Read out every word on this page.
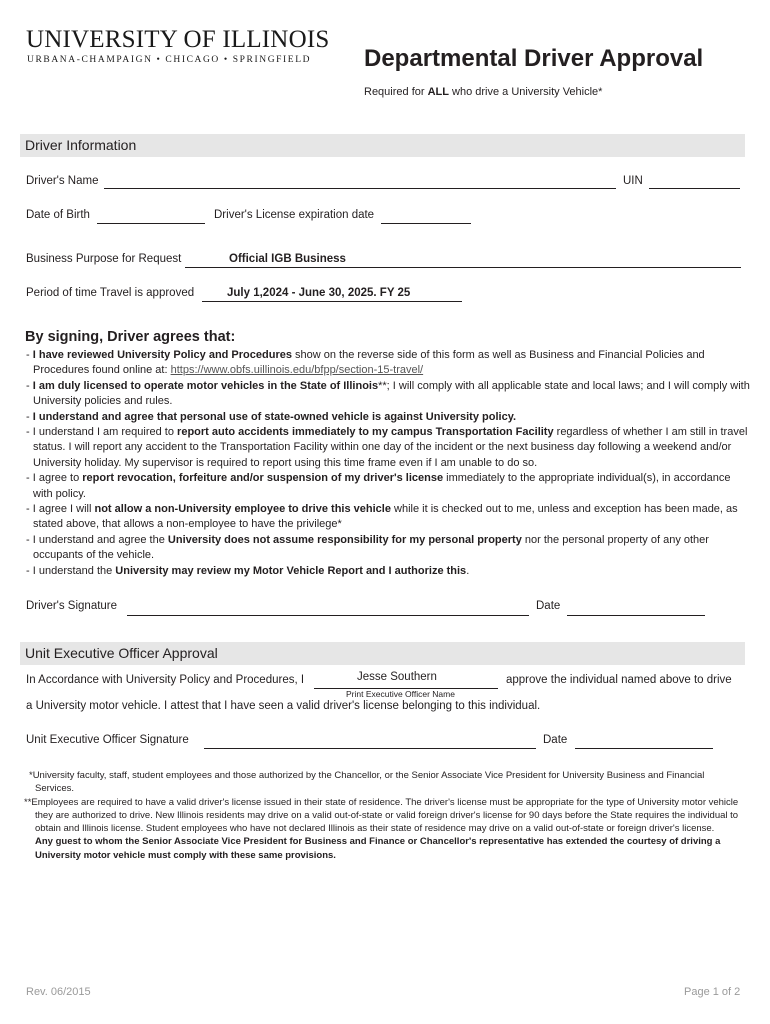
UNIVERSITY OF ILLINOIS
URBANA-CHAMPAIGN • CHICAGO • SPRINGFIELD Departmental Driver Approval
Required for ALL who drive a University Vehicle*
Driver Information
Driver's Name	UIN
Date of Birth	Driver's License expiration date
Business Purpose for Request	Official IGB Business
Period of time Travel is approved	July 1,2024 - June 30, 2025. FY 25
By signing, Driver agrees that:
- I have reviewed University Policy and Procedures show on the reverse side of this form as well as Business and Financial Policies and Procedures found online at: https://www.obfs.uillinois.edu/bfpp/section-15-travel/
- I am duly licensed to operate motor vehicles in the State of Illinois**; I will comply with all applicable state and local laws; and I will comply with University policies and rules.
- I understand and agree that personal use of state-owned vehicle is against University policy.
- I understand I am required to report auto accidents immediately to my campus Transportation Facility regardless of whether I am still in travel status. I will report any accident to the Transportation Facility within one day of the incident or the next business day following a weekend and/or University holiday. My supervisor is required to report using this time frame even if I am unable to do so.
- I agree to report revocation, forfeiture and/or suspension of my driver's license immediately to the appropriate individual(s), in accordance with policy.
- I agree I will not allow a non-University employee to drive this vehicle while it is checked out to me, unless and exception has been made, as stated above, that allows a non-employee to have the privilege*
- I understand and agree the University does not assume responsibility for my personal property nor the personal property of any other occupants of the vehicle.
- I understand the University may review my Motor Vehicle Report and I authorize this.
Driver's Signature	Date
Unit Executive Officer Approval
In Accordance with University Policy and Procedures, I	Jesse Southern
Print Executive Officer Name
approve the individual named above to drive
a University motor vehicle. I attest that I have seen a valid driver's license belonging to this individual.
Unit Executive Officer Signature	Date

*University faculty, staff, student employees and those authorized by the Chancellor, or the Senior Associate Vice President for University Business and Financial Services.

**Employees are required to have a valid driver's license issued in their state of residence. The driver's license must be appropriate for the type of University motor vehicle they are authorized to drive. New Illinois residents may drive on a valid out-of-state or valid foreign driver's license for 90 days before the State requires the individual to obtain and Illinois license. Student employees who have not declared Illinois as their state of residence may drive on a valid out-of-state or foreign driver's license.

Any guest to whom the Senior Associate Vice President for Business and Finance or Chancellor's representative has extended the courtesy of driving a University motor vehicle must comply with these same provisions.

Rev. 06/2015	Page 1 of 2
